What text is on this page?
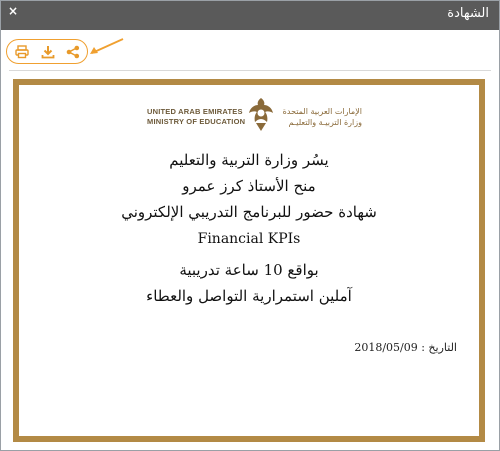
×	الشهادة
UNITED ARAB EMIRATES
MINISTRY OF EDUCATION
الإمارات العربية المتحدة
وزارة التربيـة والتعليـم
يسُر وزارة التربية والتعليم
منح الأستاذ كرز عمرو
شهادة حضور للبرنامج التدريبي الإلكتروني
Financial KPIs
بواقع 10 ساعة تدريبية
آملين استمرارية التواصل والعطاء
التاريخ : 2018/05/09
